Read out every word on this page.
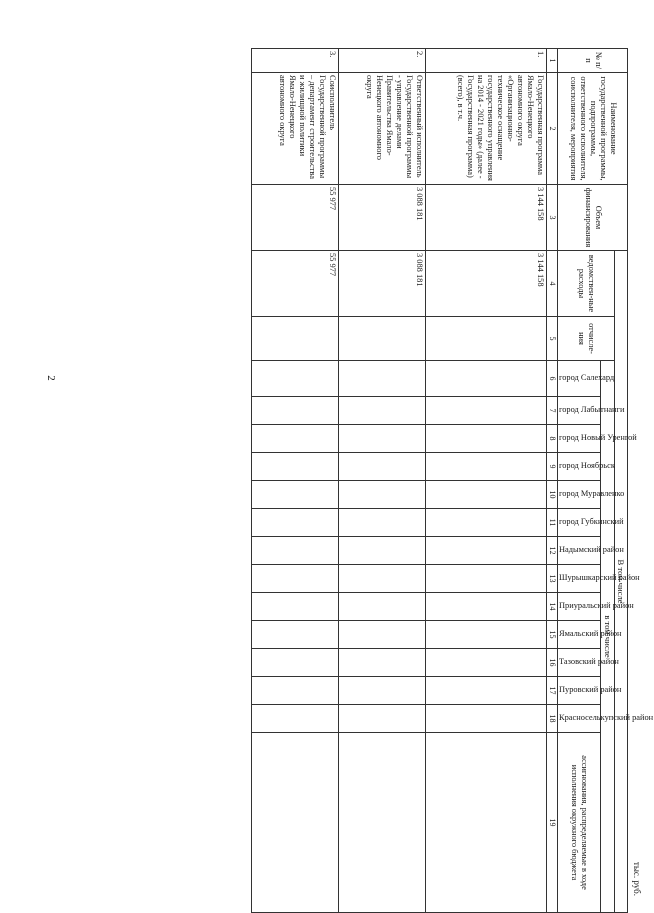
2
тыс. руб.
№ п/п	Наименование государственной программы, подпрограммы, ответственного исполнителя, соисполнителя, мероприятия	Объем финансирования	В том числе															
			ведомствен-ные расходы	отчисле-ния	в том числе													

					город Салехард	город Лабытнанги	город Новый Уренгой	город Ноябрьск	город Муравленко	город Губкинский	Надымский район	Шурышкарский район	Приуральский район	Ямальский район	Тазовский район	Пуровский район	Красноселькупский район	ассигнования, распределяемые в ходе исполнения окружного бюджета
1	2	3	4	5	6	7	8	9	10	11	12	13	14	15	16	17	18	19
1.	Государственная программа Ямало-Ненецкого автономного округа «Организационно-техническое оснащение государственного управления на 2014 - 2021 годы» (далее - Государственная программа) (всего), в т.ч.	3 144 158	3 144 158															
2.	Ответственный исполнитель Государственной программы - управление делами Правительства Ямало-Ненецкого автономного округа	3 088 181	3 088 181															
3.	Соисполнитель Государственной программы – департамент строительства и жилищной политики Ямало-Ненецкого автономного округа	55 977	55 977															
